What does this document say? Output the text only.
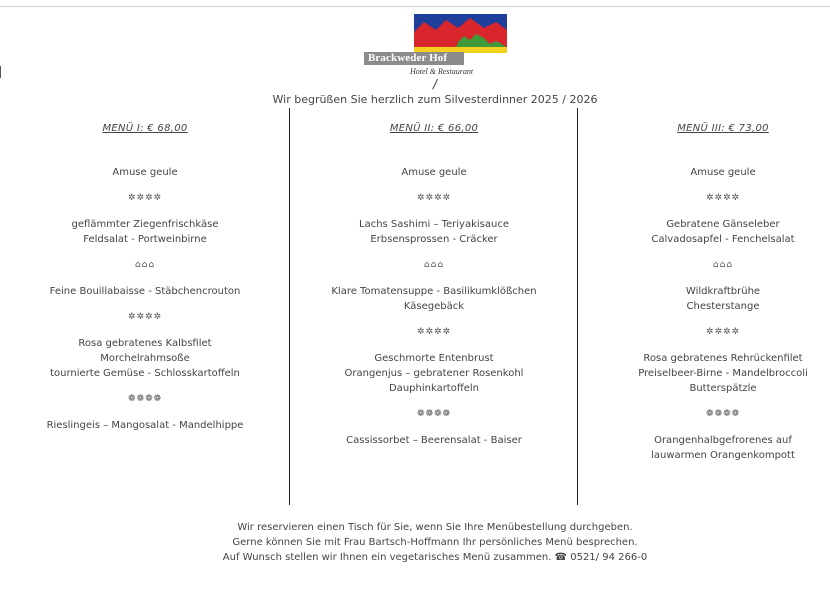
Brackweder Hof
Hotel & Restaurant
/
Wir begrüßen Sie herzlich zum Silvesterdinner 2025 / 2026
MENÜ I: € 68,00
Amuse geule
✲✲✲✲
geflämmter Ziegenfrischkäse
Feldsalat - Portweinbirne
⌂⌂⌂
Feine Bouillabaisse - Stäbchencrouton
✲✲✲✲
Rosa gebratenes Kalbsfilet
Morchelrahmsoße
tournierte Gemüse - Schlosskartoffeln
❁❁❁❁
Rieslingeis – Mangosalat - Mandelhippe
MENÜ II: € 66,00
Amuse geule
✲✲✲✲
Lachs Sashimi – Teriyakisauce
Erbsensprossen - Cräcker
⌂⌂⌂
Klare Tomatensuppe - Basilikumklößchen
Käsegebäck
✲✲✲✲
Geschmorte Entenbrust
Orangenjus – gebratener Rosenkohl
Dauphinkartoffeln
❁❁❁❁
Cassissorbet – Beerensalat - Baiser
MENÜ III: € 73,00
Amuse geule
✲✲✲✲
Gebratene Gänseleber
Calvadosapfel - Fenchelsalat
⌂⌂⌂
Wildkraftbrühe
Chesterstange
✲✲✲✲
Rosa gebratenes Rehrückenfilet
Preiselbeer-Birne - Mandelbroccoli
Butterspätzle
❁❁❁❁
Orangenhalbgefrorenes auf
lauwarmen Orangenkompott
Wir reservieren einen Tisch für Sie, wenn Sie Ihre Menübestellung durchgeben.
Gerne können Sie mit Frau Bartsch-Hoffmann Ihr persönliches Menü besprechen.
Auf Wunsch stellen wir Ihnen ein vegetarisches Menü zusammen. ☎ 0521/ 94 266-0
